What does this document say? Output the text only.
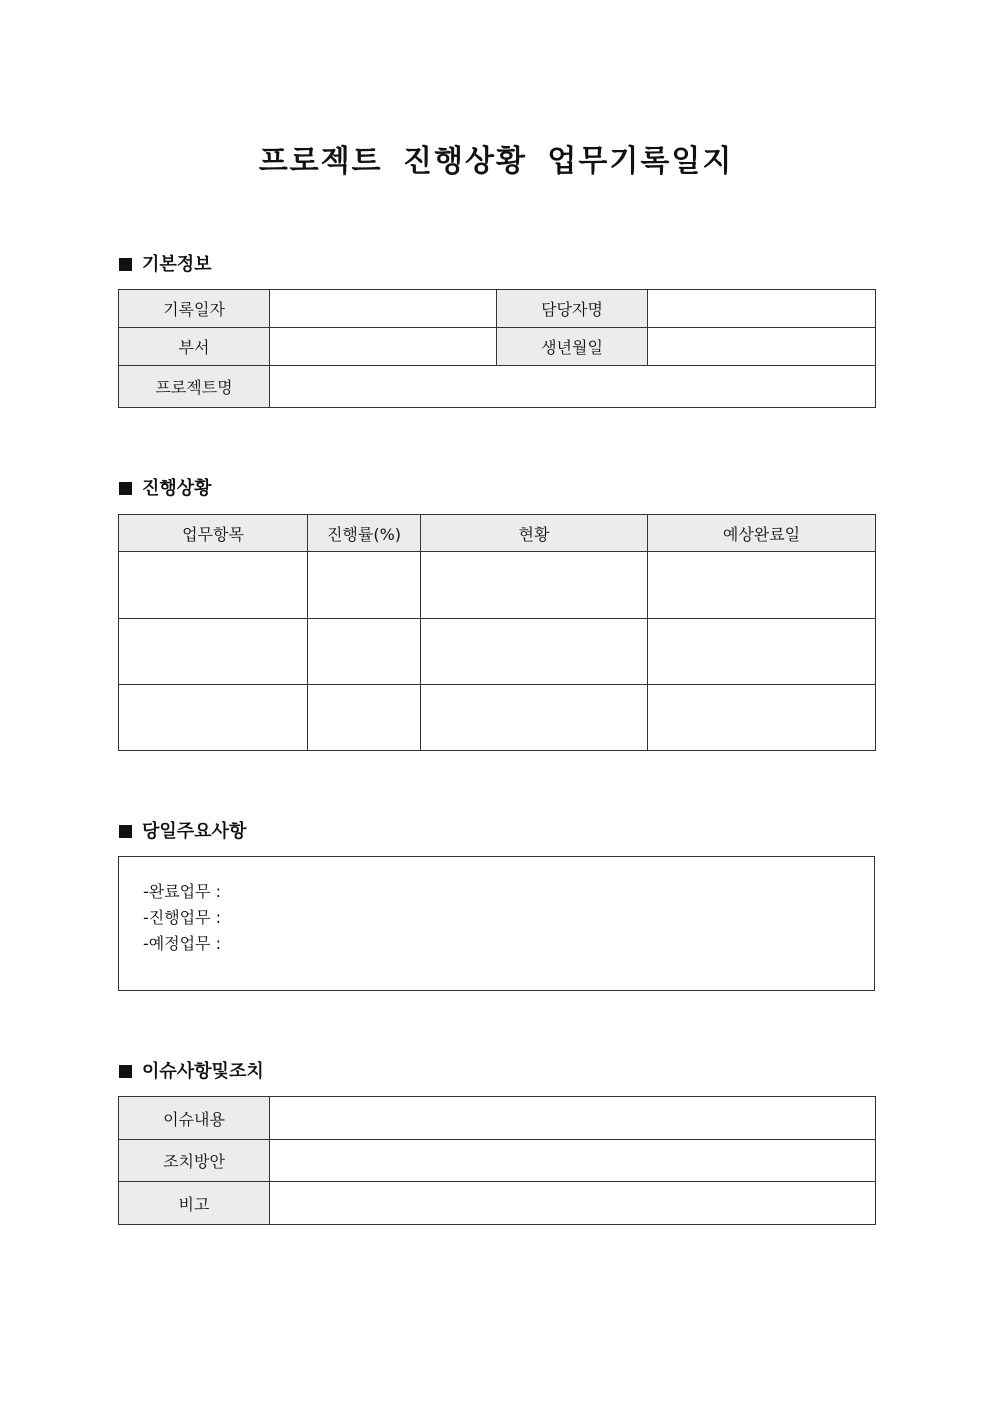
프로젝트 진행상황 업무기록일지
기본정보
기록일자		담당자명	
부서		생년월일	
프로젝트명			
진행상황
업무항목	진행률(%)	현황	예상완료일

당일주요사항
-완료업무 :
-진행업무 :
-예정업무 :
이슈사항및조치
이슈내용	
조치방안	
비고	
